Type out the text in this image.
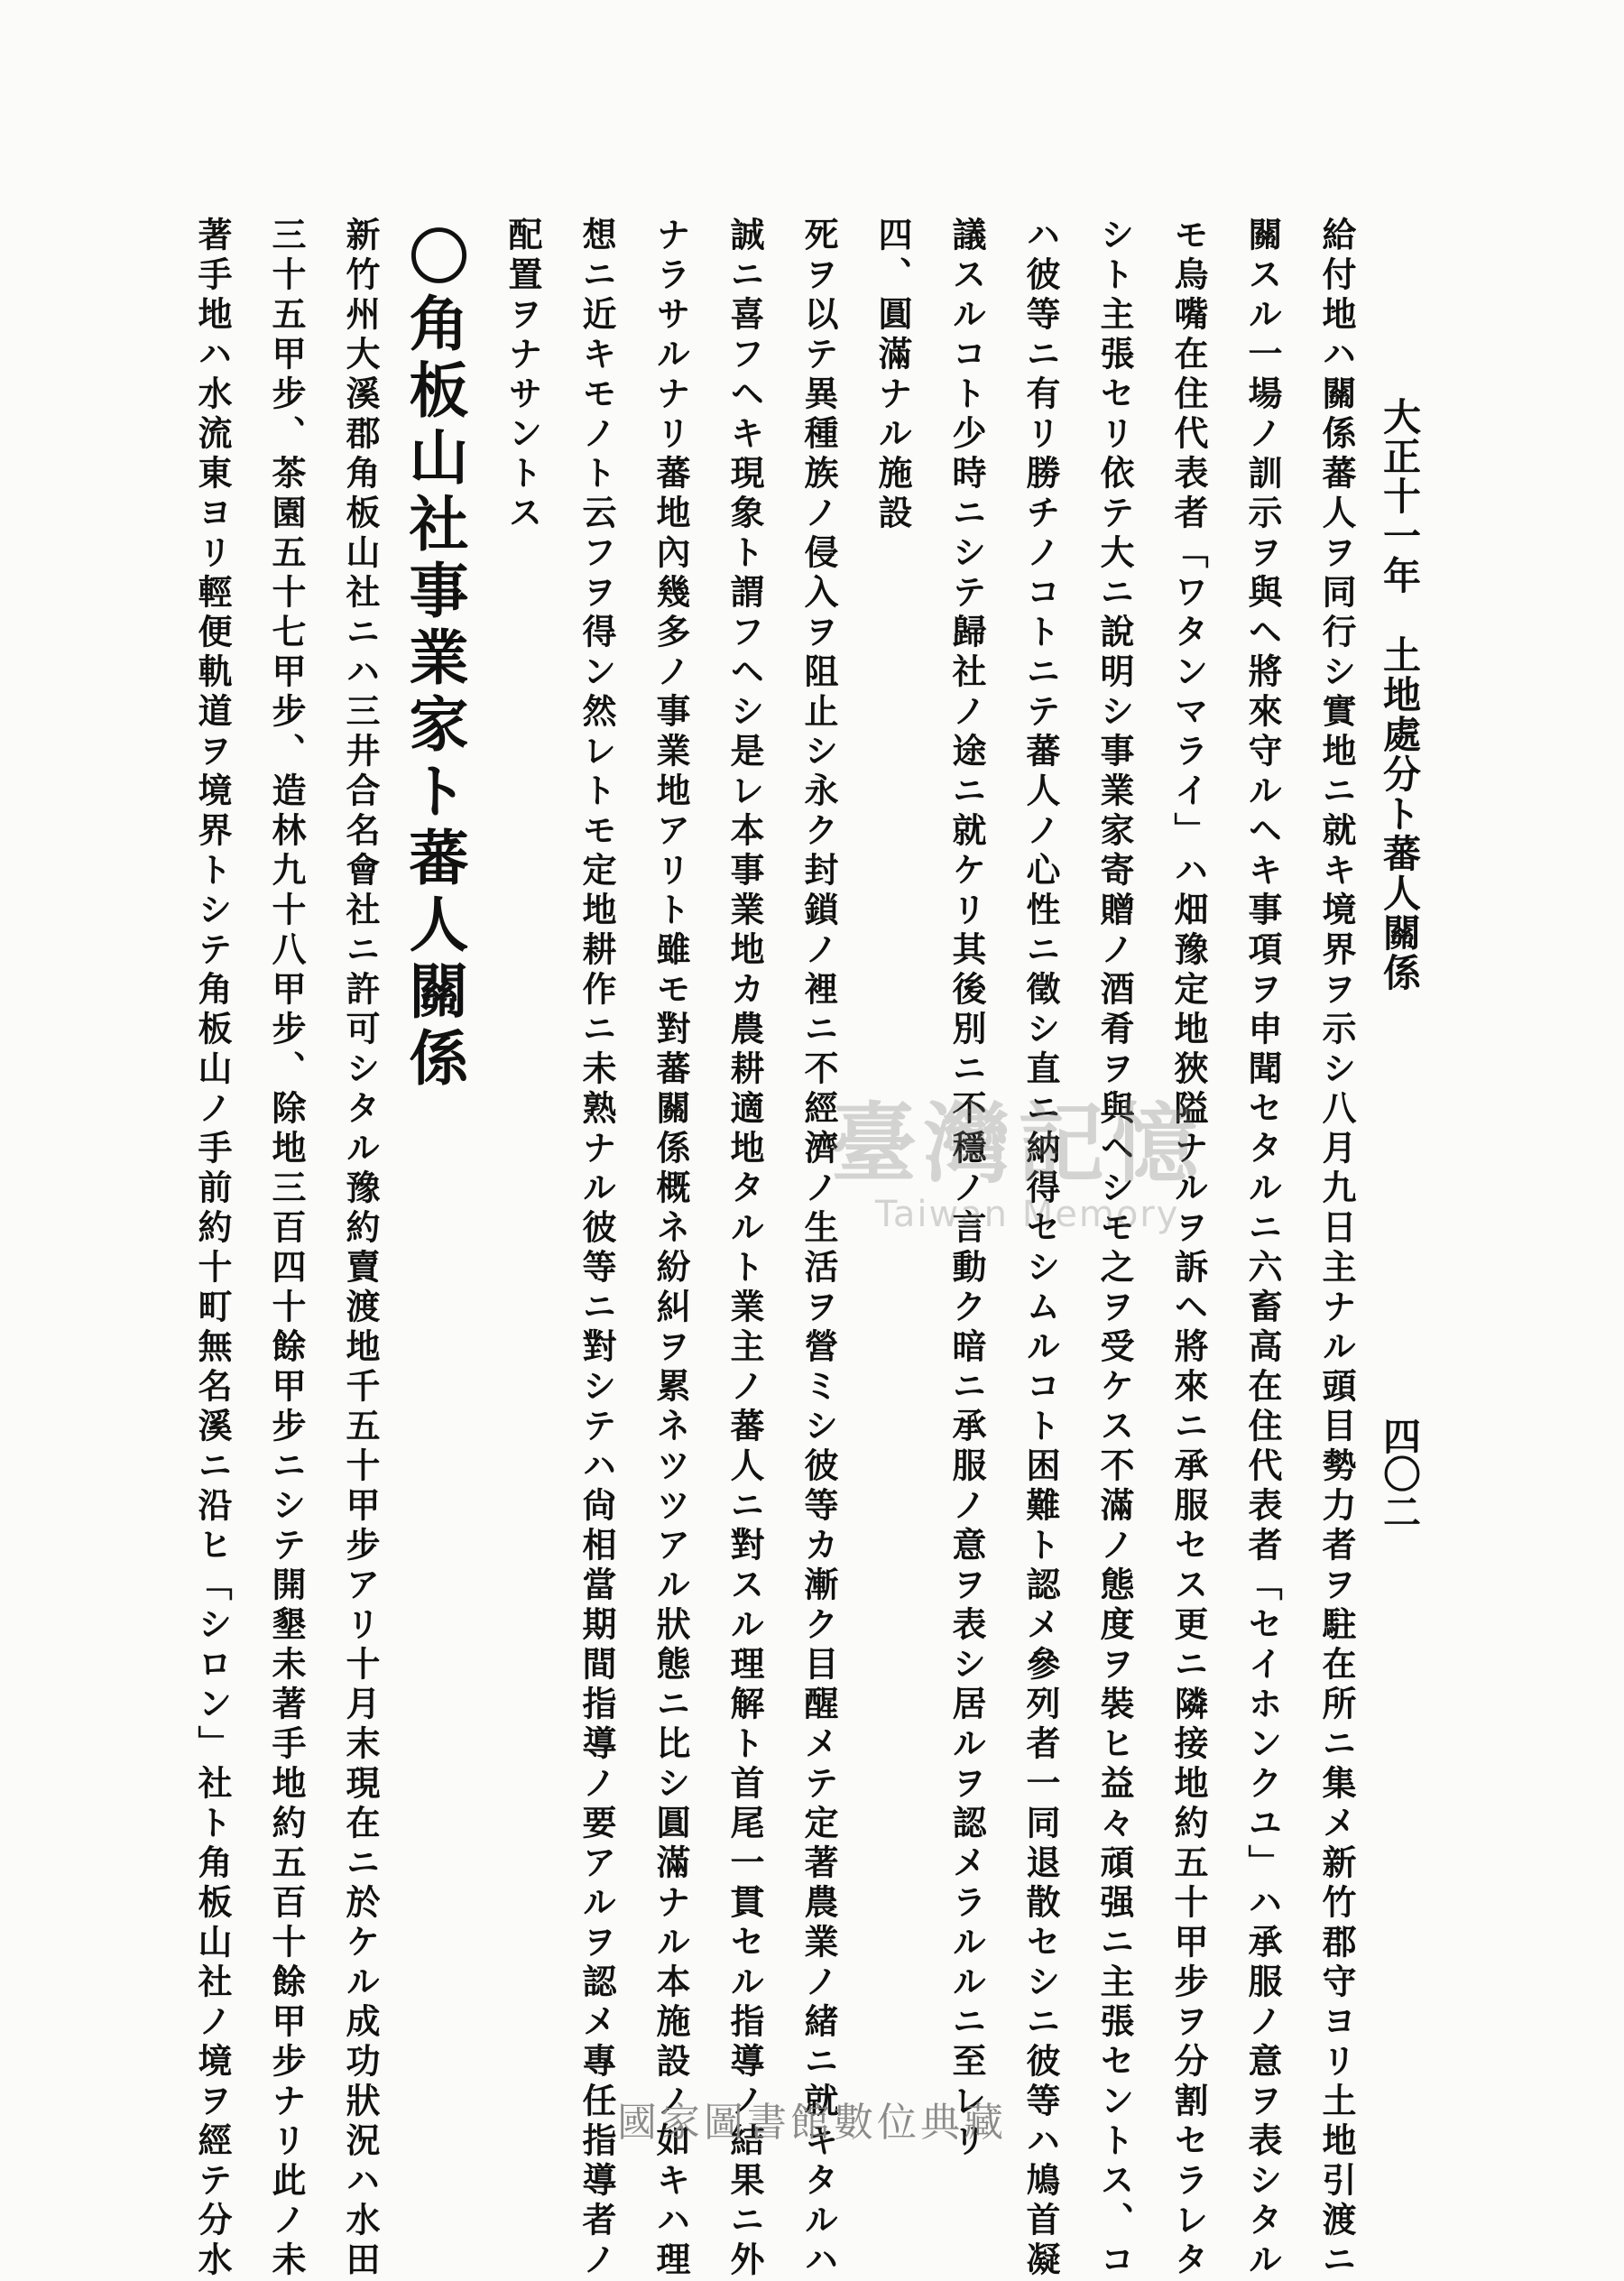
大正十一年　土地處分ト蕃人關係
四〇二
給付地ハ關係蕃人ヲ同行シ實地ニ就キ境界ヲ示シ八月九日主ナル頭目勢力者ヲ駐在所ニ集メ新竹郡守ヨリ土地引渡ニ
關スル一場ノ訓示ヲ與ヘ將來守ルヘキ事項ヲ申聞セタルニ六畜高在住代表者「セイホンクユ」ハ承服ノ意ヲ表シタル
モ烏嘴在住代表者「ワタンマライ」ハ畑豫定地狹隘ナルヲ訴ヘ將來ニ承服セス更ニ隣接地約五十甲步ヲ分割セラレタ
シト主張セリ依テ大ニ說明シ事業家寄贈ノ酒肴ヲ與ヘシモ之ヲ受ケス不滿ノ態度ヲ裝ヒ益々頑强ニ主張セントス、コ
ハ彼等ニ有リ勝チノコトニテ蕃人ノ心性ニ徵シ直ニ納得セシムルコト困難ト認メ參列者一同退散セシニ彼等ハ鳩首凝
議スルコト少時ニシテ歸社ノ途ニ就ケリ其後別ニ不穩ノ言動ク暗ニ承服ノ意ヲ表シ居ルヲ認メラルルニ至レリ
四、圓滿ナル施設
死ヲ以テ異種族ノ侵入ヲ阻止シ永ク封鎖ノ裡ニ不經濟ノ生活ヲ營ミシ彼等カ漸ク目醒メテ定著農業ノ緒ニ就キタルハ
誠ニ喜フヘキ現象ト謂フヘシ是レ本事業地カ農耕適地タルト業主ノ蕃人ニ對スル理解ト首尾一貫セル指導ノ結果ニ外
ナラサルナリ蕃地內幾多ノ事業地アリト雖モ對蕃關係概ネ紛糾ヲ累ネツツアル狀態ニ比シ圓滿ナル本施設ノ如キハ理
想ニ近キモノト云フヲ得ン然レトモ定地耕作ニ未熟ナル彼等ニ對シテハ尙相當期間指導ノ要アルヲ認メ專任指導者ノ
配置ヲナサントス
〇角板山社事業家ト蕃人關係
新竹州大溪郡角板山社ニハ三井合名會社ニ許可シタル豫約賣渡地千五十甲步アリ十月末現在ニ於ケル成功狀況ハ水田
三十五甲步、茶園五十七甲步、造林九十八甲步、除地三百四十餘甲步ニシテ開墾未著手地約五百十餘甲步ナリ此ノ未
著手地ハ水流東ヨリ輕便軌道ヲ境界トシテ角板山ノ手前約十町無名溪ニ沿ヒ「シロン」社ト角板山社ノ境ヲ經テ分水	臺灣記憶
Taiwan Memory
國家圖書館數位典藏
